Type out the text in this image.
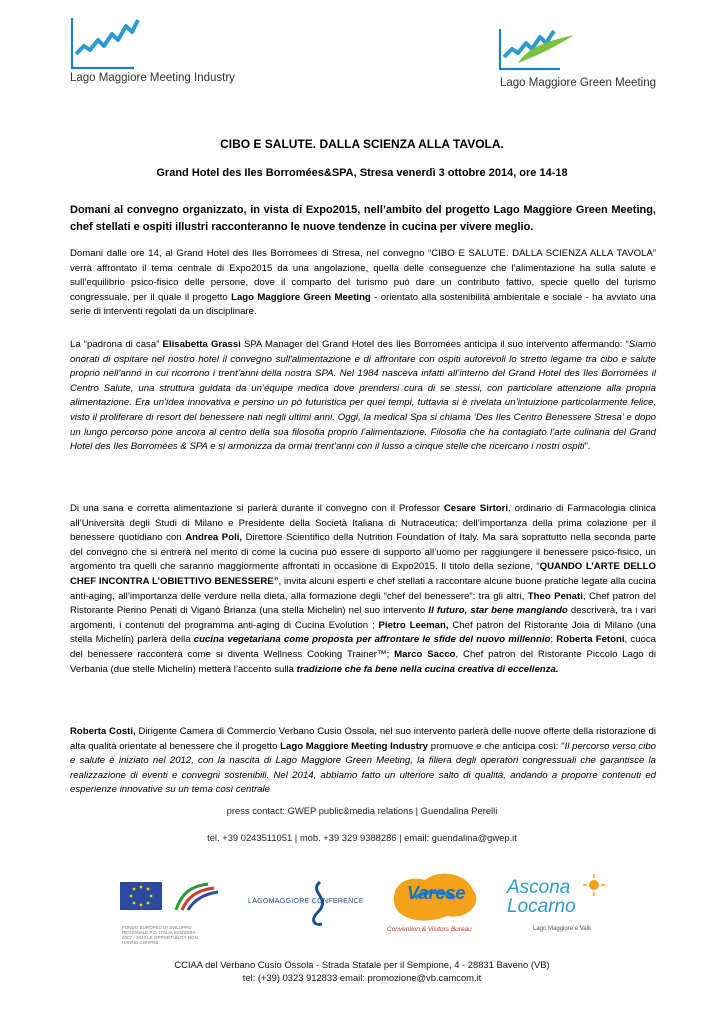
Lago Maggiore Meeting Industry	Lago Maggiore Green Meeting
CIBO E SALUTE. DALLA SCIENZA ALLA TAVOLA.
Grand Hotel des Iles Borromées&SPA, Stresa venerdì 3 ottobre 2014, ore 14-18
Domani al convegno organizzato, in vista di Expo2015, nell’ambito del progetto Lago Maggiore Green Meeting, chef stellati e ospiti illustri racconteranno le nuove tendenze in cucina per vivere meglio.
Domani dalle ore 14, al Grand Hotel des Iles Borromees di Stresa, nel convegno “CIBO E SALUTE. DALLA SCIENZA ALLA TAVOLA” verrà affrontato il tema centrale di Expo2015 da una angolazione, quella delle conseguenze che l’alimentazione ha sulla salute e sull’equilibrio psico-fisico delle persone, dove il comparto del turismo può dare un contributo fattivo, specie quello del turismo congressuale, per il quale il progetto Lago Maggiore Green Meeting - orientato alla sostenibilità ambientale e sociale - ha avviato una serie di interventi regolati da un disciplinare.
La “padrona di casa” Elisabetta Grassi SPA Manager del Grand Hotel des Iles Borromées anticipa il suo intervento affermando: “Siamo onorati di ospitare nel nostro hotel il convegno sull'alimentazione e di affrontare con ospiti autorevoli lo stretto legame tra cibo e salute proprio nell’anno in cui ricorrono i trent’anni della nostra SPA. Nel 1984 nasceva infatti all’interno del Grand Hotel des Iles Borromées il Centro Salute, una struttura guidata da un’équipe medica dove prendersi cura di se stessi, con particolare attenzione alla propria alimentazione. Era un’idea innovativa e persino un pò futuristica per quei tempi, tuttavia si è rivelata un’intuizione particolarmente felice, visto il proliferare di resort del benessere nati negli ultimi anni. Oggi, la medical Spa si chiama ‘Des Iles Centro Benessere Stresa’ e dopo un lungo percorso pone ancora al centro della sua filosofia proprio l’alimentazione. Filosofia che ha contagiato l’arte culinaria del Grand Hotel des Iles Borromées & SPA e si armonizza da ormai trent’anni con il lusso a cinque stelle che ricercano i nostri ospiti”.
Di una sana e corretta alimentazione si parlerà durante il convegno con il Professor Cesare Sirtori, ordinario di Farmacologia clinica all’Università degli Studi di Milano e Presidente della Società Italiana di Nutraceutica; dell’importanza della prima colazione per il benessere quotidiano con Andrea Poli, Direttore Scientifico della Nutrition Foundation of Italy. Ma sarà soprattutto nella seconda parte del convegno che si entrerà nel merito di come la cucina può essere di supporto all’uomo per raggiungere il benessere psico-fisico, un argomento tra quelli che saranno maggiormente affrontati in occasione di Expo2015. Il titolo della sezione, “QUANDO L’ARTE DELLO CHEF INCONTRA L’OBIETTIVO BENESSERE”, invita alcuni esperti e chef stellati a raccontare alcune buone pratiche legate alla cucina anti-aging, all’importanza delle verdure nella dieta, alla formazione degli “chef del benessere”: tra gli altri, Theo Penati, Chef patron del Ristorante Pierino Penati di Viganò Brianza (una stella Michelin) nel suo intervento Il futuro, star bene mangiando descriverà, tra i vari argomenti, i contenuti del programma anti-aging di Cucina Evolution ; Pietro Leeman, Chef patron del Ristorante Joia di Milano (una stella Michelin) parlerà della cucina vegetariana come proposta per affrontare le sfide del nuovo millennio; Roberta Fetoni, cuoca del benessere racconterà come si diventa Wellness Cooking Trainer™; Marco Sacco, Chef patron del Ristorante Piccolo Lago di Verbania (due stelle Michelin) metterà l’accento sulla tradizione che fa bene nella cucina creativa di eccellenza.
Roberta Costi, Dirigente Camera di Commercio Verbano Cusio Ossola, nel suo intervento parlerà delle nuove offerte della ristorazione di alta qualità orientate al benessere che il progetto Lago Maggiore Meeting Industry promuove e che anticipa così: "Il percorso verso cibo e salute è iniziato nel 2012, con la nascita di Lago Maggiore Green Meeting, la filiera degli operatori congressuali che garantisce la realizzazione di eventi e convegni sostenibili. Nel 2014, abbiamo fatto un ulteriore salto di qualità, andando a proporre contenuti ed esperienze innovative su un tema così centrale
press contact: GWEP public&media relations | Guendalina Perelli
tel. +39 0243511051 | mob. +39 329 9388286 | email: guendalina@gwep.it
FONDO EUROPEO DI SVILUPPO REGIONALE P.O. ITALIA SVIZZERA 2007 - 2013 LE OPPORTUNITÀ NON HANNO CONFINI
LAGOMAGGIORE CONFERENCE Varese
Convention & Visitors Bureau
Ascona Locarno
Lago Maggiore e Valli
CCIAA del Verbano Cusio Ossola - Strada Statale per il Sempione, 4 - 28831 Baveno (VB)
tel: (+39) 0323 912833 email: promozione@vb.camcom.it
